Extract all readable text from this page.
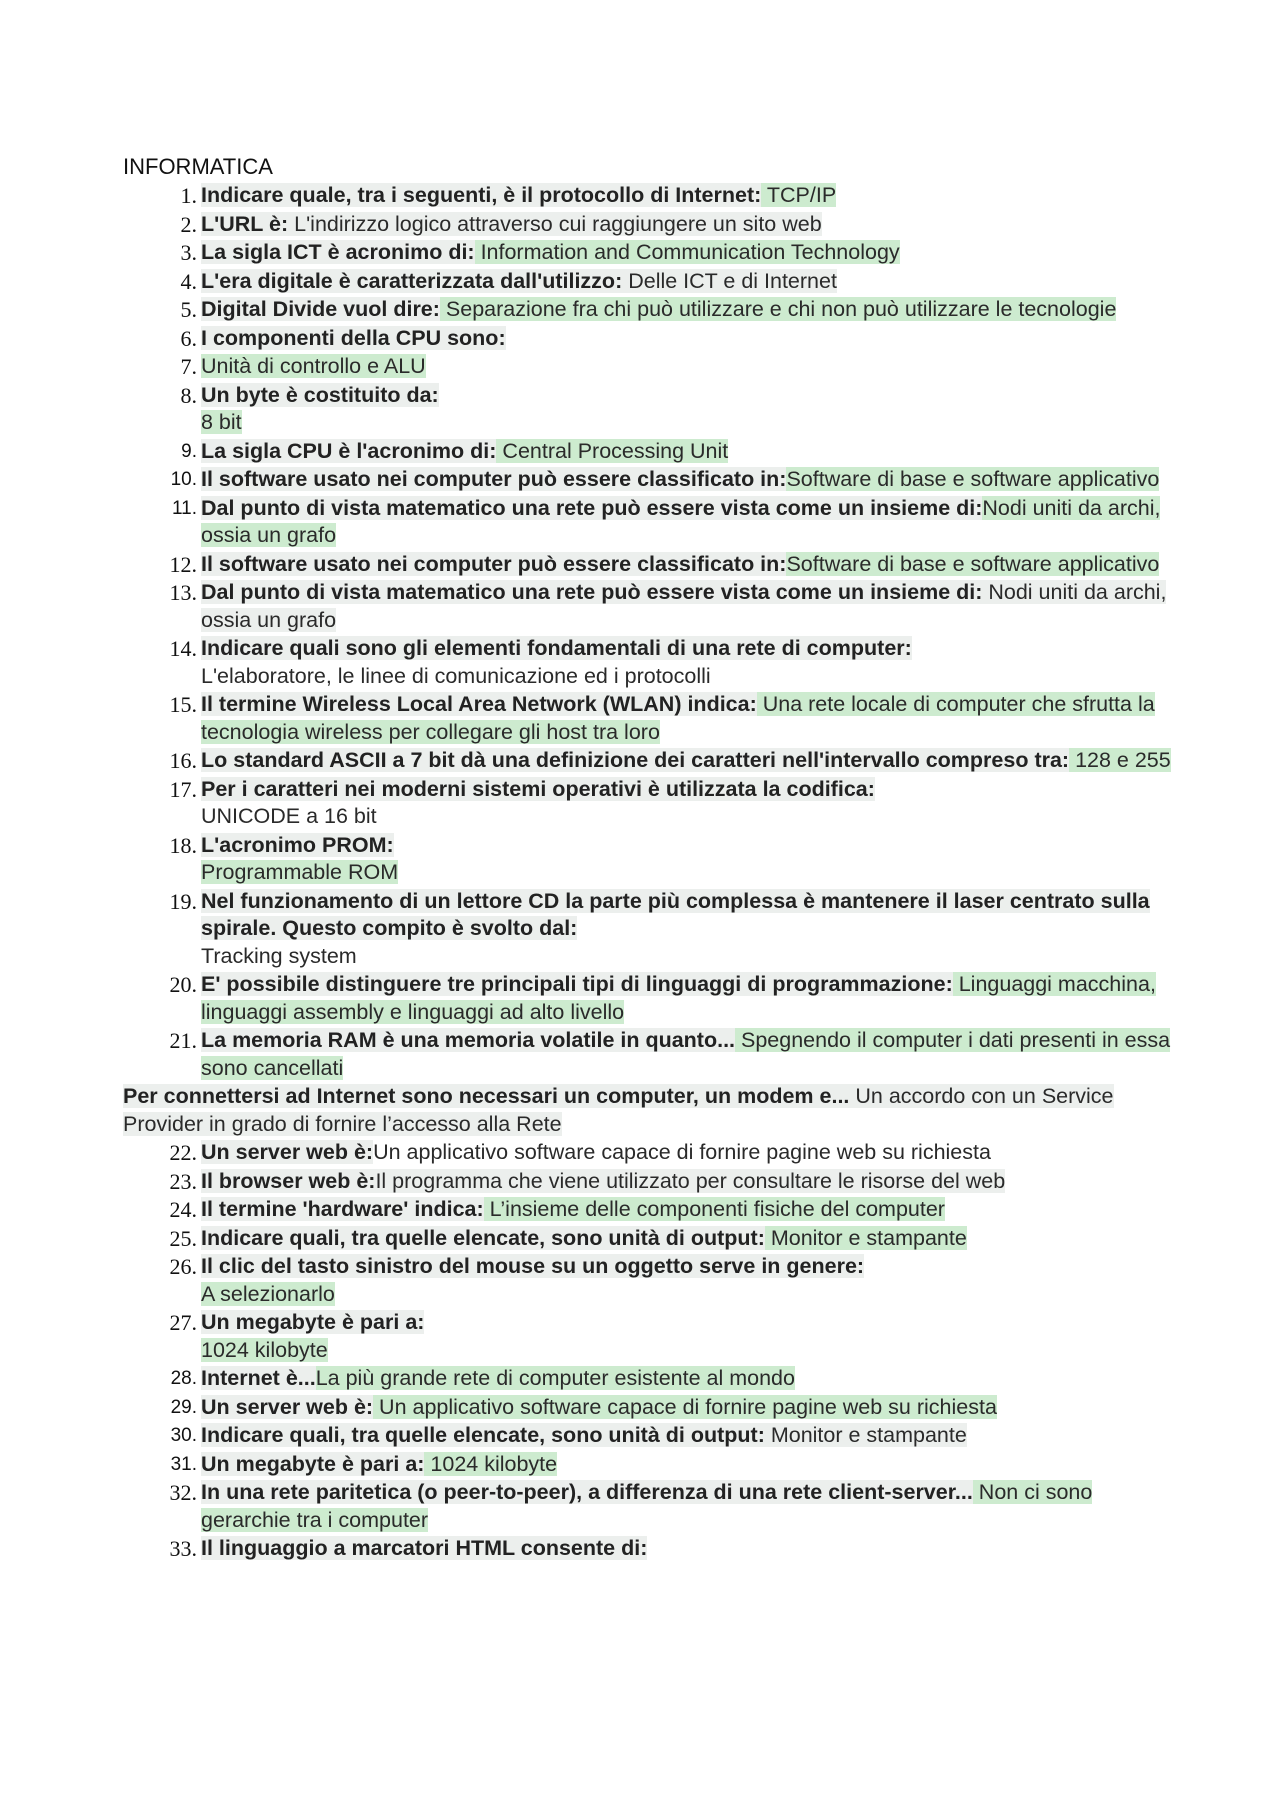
INFORMATICA
1. Indicare quale, tra i seguenti, è il protocollo di Internet: TCP/IP
2. L'URL è: L'indirizzo logico attraverso cui raggiungere un sito web
3. La sigla ICT è acronimo di: Information and Communication Technology
4. L'era digitale è caratterizzata dall'utilizzo: Delle ICT e di Internet
5. Digital Divide vuol dire: Separazione fra chi può utilizzare e chi non può utilizzare le tecnologie
6. I componenti della CPU sono:
7. Unità di controllo e ALU
8. Un byte è costituito da:
8 bit
9. La sigla CPU è l'acronimo di: Central Processing Unit
10. Il software usato nei computer può essere classificato in:Software di base e software applicativo
11. Dal punto di vista matematico una rete può essere vista come un insieme di:Nodi uniti da archi, ossia un grafo
12. Il software usato nei computer può essere classificato in:Software di base e software applicativo
13. Dal punto di vista matematico una rete può essere vista come un insieme di: Nodi uniti da archi, ossia un grafo
14. Indicare quali sono gli elementi fondamentali di una rete di computer:
L'elaboratore, le linee di comunicazione ed i protocolli
15. Il termine Wireless Local Area Network (WLAN) indica: Una rete locale di computer che sfrutta la tecnologia wireless per collegare gli host tra loro
16. Lo standard ASCII a 7 bit dà una definizione dei caratteri nell'intervallo compreso tra: 128 e 255
17. Per i caratteri nei moderni sistemi operativi è utilizzata la codifica:
UNICODE a 16 bit
18. L'acronimo PROM:
Programmable ROM
19. Nel funzionamento di un lettore CD la parte più complessa è mantenere il laser centrato sulla spirale. Questo compito è svolto dal:
Tracking system
20. E' possibile distinguere tre principali tipi di linguaggi di programmazione: Linguaggi macchina, linguaggi assembly e linguaggi ad alto livello
21. La memoria RAM è una memoria volatile in quanto... Spegnendo il computer i dati presenti in essa sono cancellati
Per connettersi ad Internet sono necessari un computer, un modem e... Un accordo con un Service Provider in grado di fornire l’accesso alla Rete
22. Un server web è:Un applicativo software capace di fornire pagine web su richiesta
23. Il browser web è:Il programma che viene utilizzato per consultare le risorse del web
24. Il termine 'hardware' indica: L’insieme delle componenti fisiche del computer
25. Indicare quali, tra quelle elencate, sono unità di output: Monitor e stampante
26. Il clic del tasto sinistro del mouse su un oggetto serve in genere:
A selezionarlo
27. Un megabyte è pari a:
1024 kilobyte
28. Internet è...La più grande rete di computer esistente al mondo
29. Un server web è: Un applicativo software capace di fornire pagine web su richiesta
30. Indicare quali, tra quelle elencate, sono unità di output: Monitor e stampante
31. Un megabyte è pari a: 1024 kilobyte
32. In una rete paritetica (o peer-to-peer), a differenza di una rete client-server... Non ci sono gerarchie tra i computer
33. Il linguaggio a marcatori HTML consente di:
